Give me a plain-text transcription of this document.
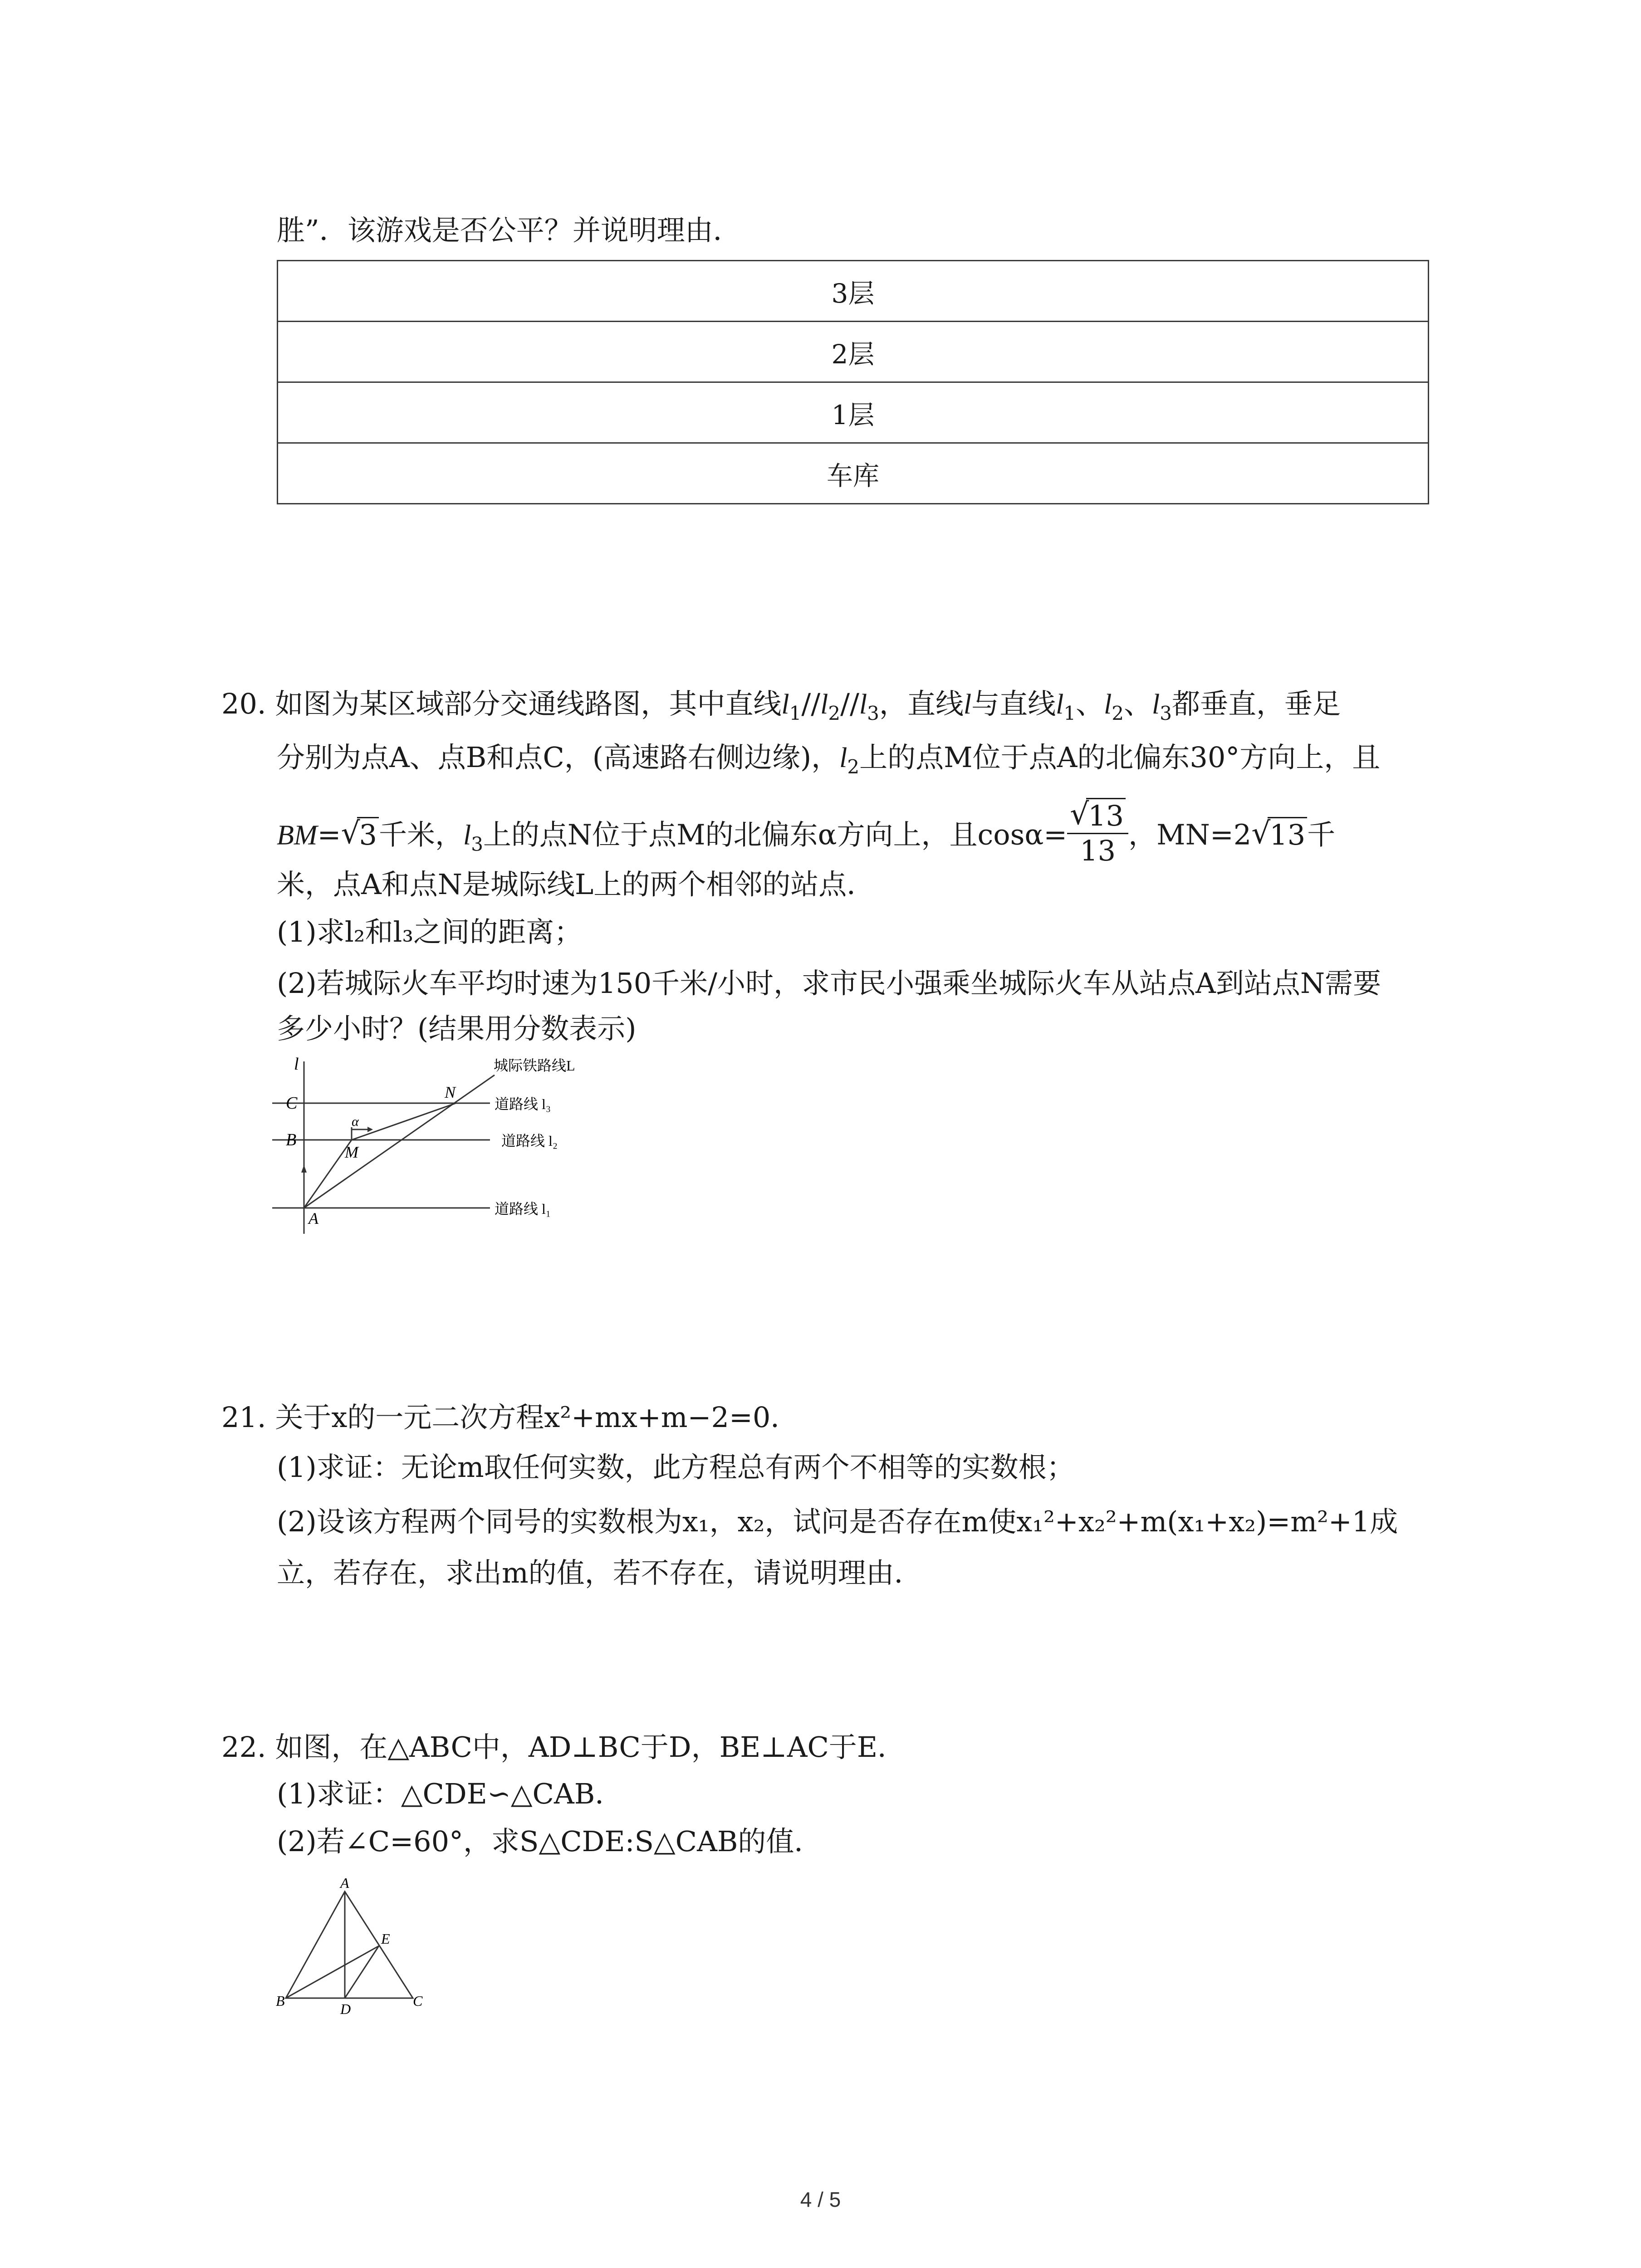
胜”．该游戏是否公平？并说明理由．
3层
2层
1层
车库
20. 如图为某区域部分交通线路图，其中直线$l_1//l_2//l_3$，直线l与直线$l_1$、$l_2$、$l_3$都垂直，垂足
分别为点A、点B和点C，(高速路右侧边缘)，$l_2$上的点M位于点A的北偏东30°方向上，且
BM= √ 3千米，$l_3$上的点N位于点M的北偏东α方向上，且cosα= √ $\frac{13}{13}$ ，MN=2 √ 13千
米，点A和点N是城际线L上的两个相邻的站点．
(1)求l₂和l₃之间的距离；
(2)若城际火车平均时速为150千米/小时，求市民小强乘坐城际火车从站点A到站点N需要
多少小时？(结果用分数表示)
l
C
B
A
M
N
α
城际铁路线L
道路线 l₃
道路线 l₂
道路线 l₁
21. 关于x的一元二次方程x²+mx+m−2=0．
(1)求证：无论m取任何实数，此方程总有两个不相等的实数根；
(2)设该方程两个同号的实数根为x₁，x₂，试问是否存在m使x₁²+x₂²+m(x₁+x₂)=m²+1成
立，若存在，求出m的值，若不存在，请说明理由．
22. 如图，在△ABC中，AD⊥BC于D，BE⊥AC于E．
(1)求证：△CDE∽△CAB．
(2)若∠C=60°，求S△CDE:S△CAB的值．
A
B	C
D
E
4 / 5
